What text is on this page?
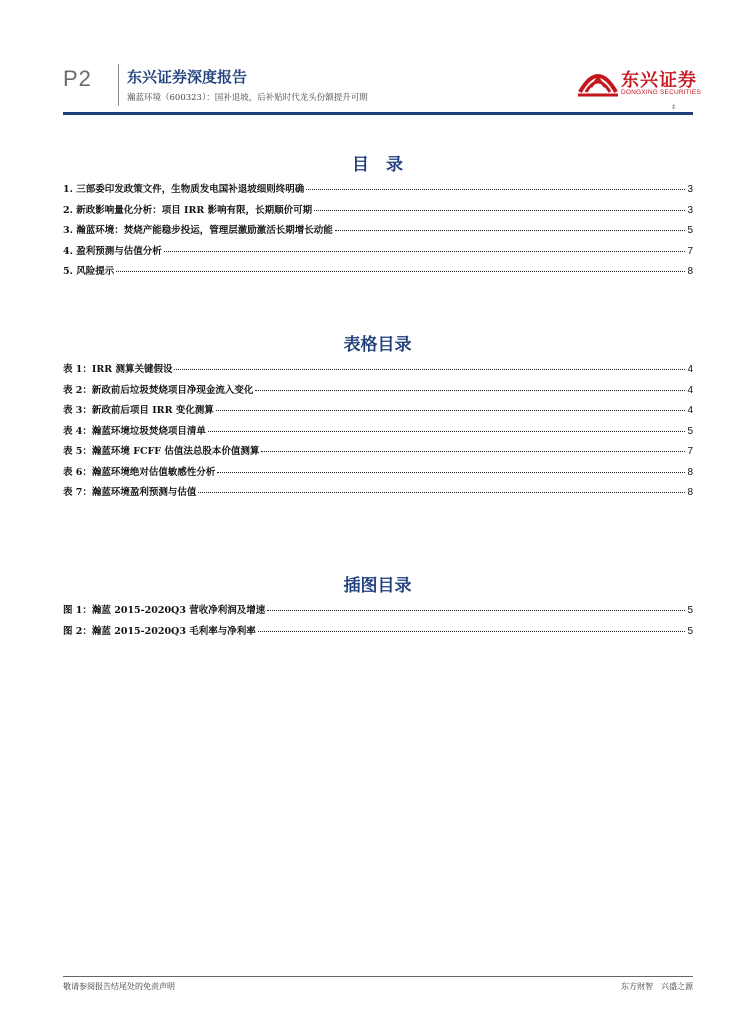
P2 东兴证券深度报告
瀚蓝环境（600323）：国补退坡，后补贴时代龙头份额提升可期
东兴证券
DONGXING SECURITIES
‡
目　录
1. 三部委印发政策文件，生物质发电国补退坡细则终明确	3
2. 新政影响量化分析：项目 IRR 影响有限，长期顺价可期	3
3. 瀚蓝环境：焚烧产能稳步投运，管理层激励激活长期增长动能	5
4. 盈利预测与估值分析	7
5. 风险提示	8
表格目录
表 1：IRR 测算关键假设	4
表 2：新政前后垃圾焚烧项目净现金流入变化	4
表 3：新政前后项目 IRR 变化测算	4
表 4：瀚蓝环境垃圾焚烧项目清单	5
表 5：瀚蓝环境 FCFF 估值法总股本价值测算	7
表 6：瀚蓝环境绝对估值敏感性分析	8
表 7：瀚蓝环境盈利预测与估值	8
插图目录
图 1：瀚蓝 2015-2020Q3 营收净利润及增速	5
图 2：瀚蓝 2015-2020Q3 毛利率与净利率	5
敬请参阅报告结尾处的免责声明	东方财智　兴盛之源
